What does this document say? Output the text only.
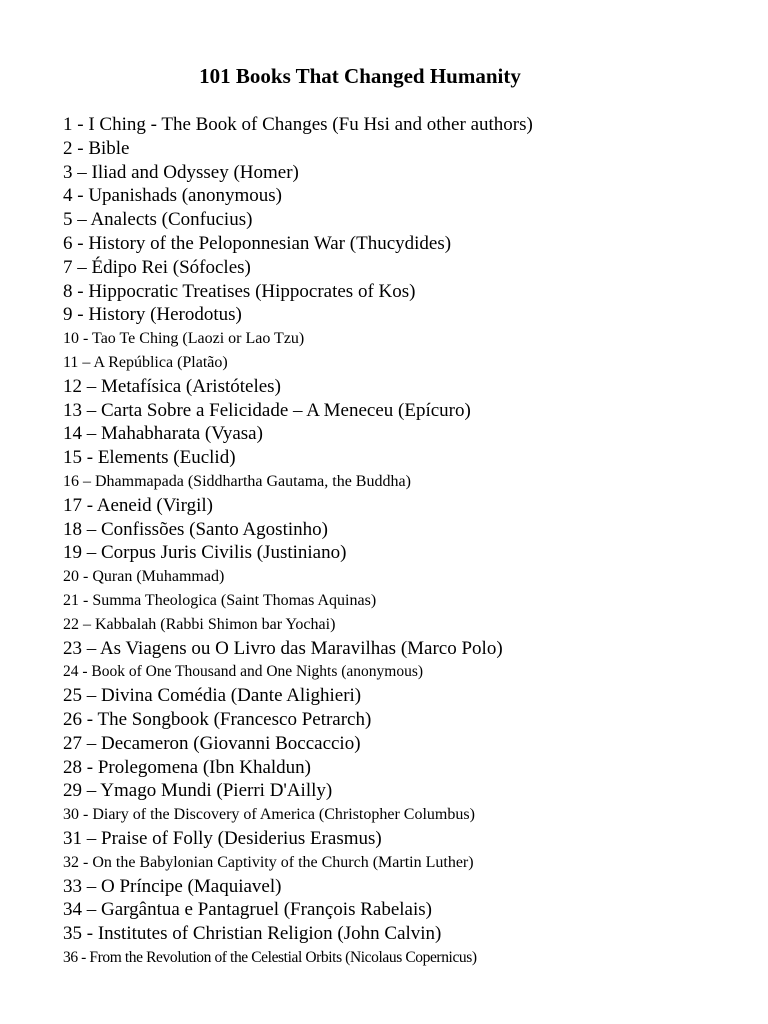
101 Books That Changed Humanity
1 - I Ching - The Book of Changes (Fu Hsi and other authors)
2 - Bible
3 – Iliad and Odyssey (Homer)
4 - Upanishads (anonymous)
5 – Analects (Confucius)
6 - History of the Peloponnesian War (Thucydides)
7 – Édipo Rei (Sófocles)
8 - Hippocratic Treatises (Hippocrates of Kos)
9 - History (Herodotus)
10 - Tao Te Ching (Laozi or Lao Tzu)
11 – A República (Platão)
12 – Metafísica (Aristóteles)
13 – Carta Sobre a Felicidade – A Meneceu (Epícuro)
14 – Mahabharata (Vyasa)
15 - Elements (Euclid)
16 – Dhammapada (Siddhartha Gautama, the Buddha)
17 - Aeneid (Virgil)
18 – Confissões (Santo Agostinho)
19 – Corpus Juris Civilis (Justiniano)
20 - Quran (Muhammad)
21 - Summa Theologica (Saint Thomas Aquinas)
22 – Kabbalah (Rabbi Shimon bar Yochai)
23 – As Viagens ou O Livro das Maravilhas (Marco Polo)
24 - Book of One Thousand and One Nights (anonymous)
25 – Divina Comédia (Dante Alighieri)
26 - The Songbook (Francesco Petrarch)
27 – Decameron (Giovanni Boccaccio)
28 - Prolegomena (Ibn Khaldun)
29 – Ymago Mundi (Pierri D'Ailly)
30 - Diary of the Discovery of America (Christopher Columbus)
31 – Praise of Folly (Desiderius Erasmus)
32 - On the Babylonian Captivity of the Church (Martin Luther)
33 – O Príncipe (Maquiavel)
34 – Gargântua e Pantagruel (François Rabelais)
35 - Institutes of Christian Religion (John Calvin)
36 - From the Revolution of the Celestial Orbits (Nicolaus Copernicus)
